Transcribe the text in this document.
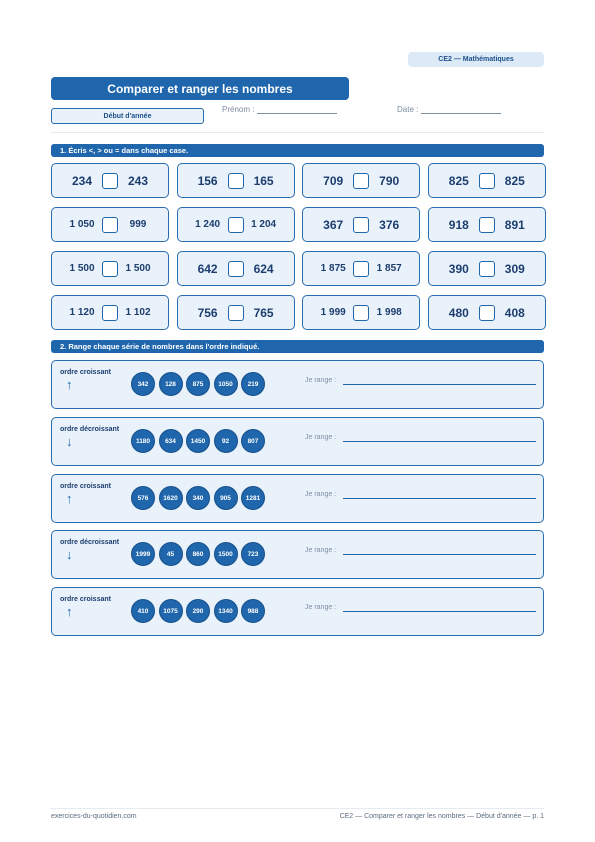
CE2 — Mathématiques
Comparer et ranger les nombres
Début d'année
Prénom :	Date :
1. Écris <, > ou = dans chaque case.
234	243	156	165	709	790	825	825
1 050	999	1 240	1 204	367	376	918	891
1 500	1 500	642	624	1 875	1 857	390	309
1 120	1 102	756	765	1 999	1 998	480	408
2. Range chaque série de nombres dans l'ordre indiqué.
ordre croissant
↑	342	128	875	1050	219	Je range :
ordre décroissant
↓	1180	634	1450	92	807	Je range :
ordre croissant
↑	576	1620	340	905	1281	Je range :
ordre décroissant
↓	1999	45	860	1500	723	Je range :
ordre croissant
↑	410	1075	290	1340	988	Je range :
exercices-du-quotidien.com	CE2 — Comparer et ranger les nombres — Début d'année — p. 1
